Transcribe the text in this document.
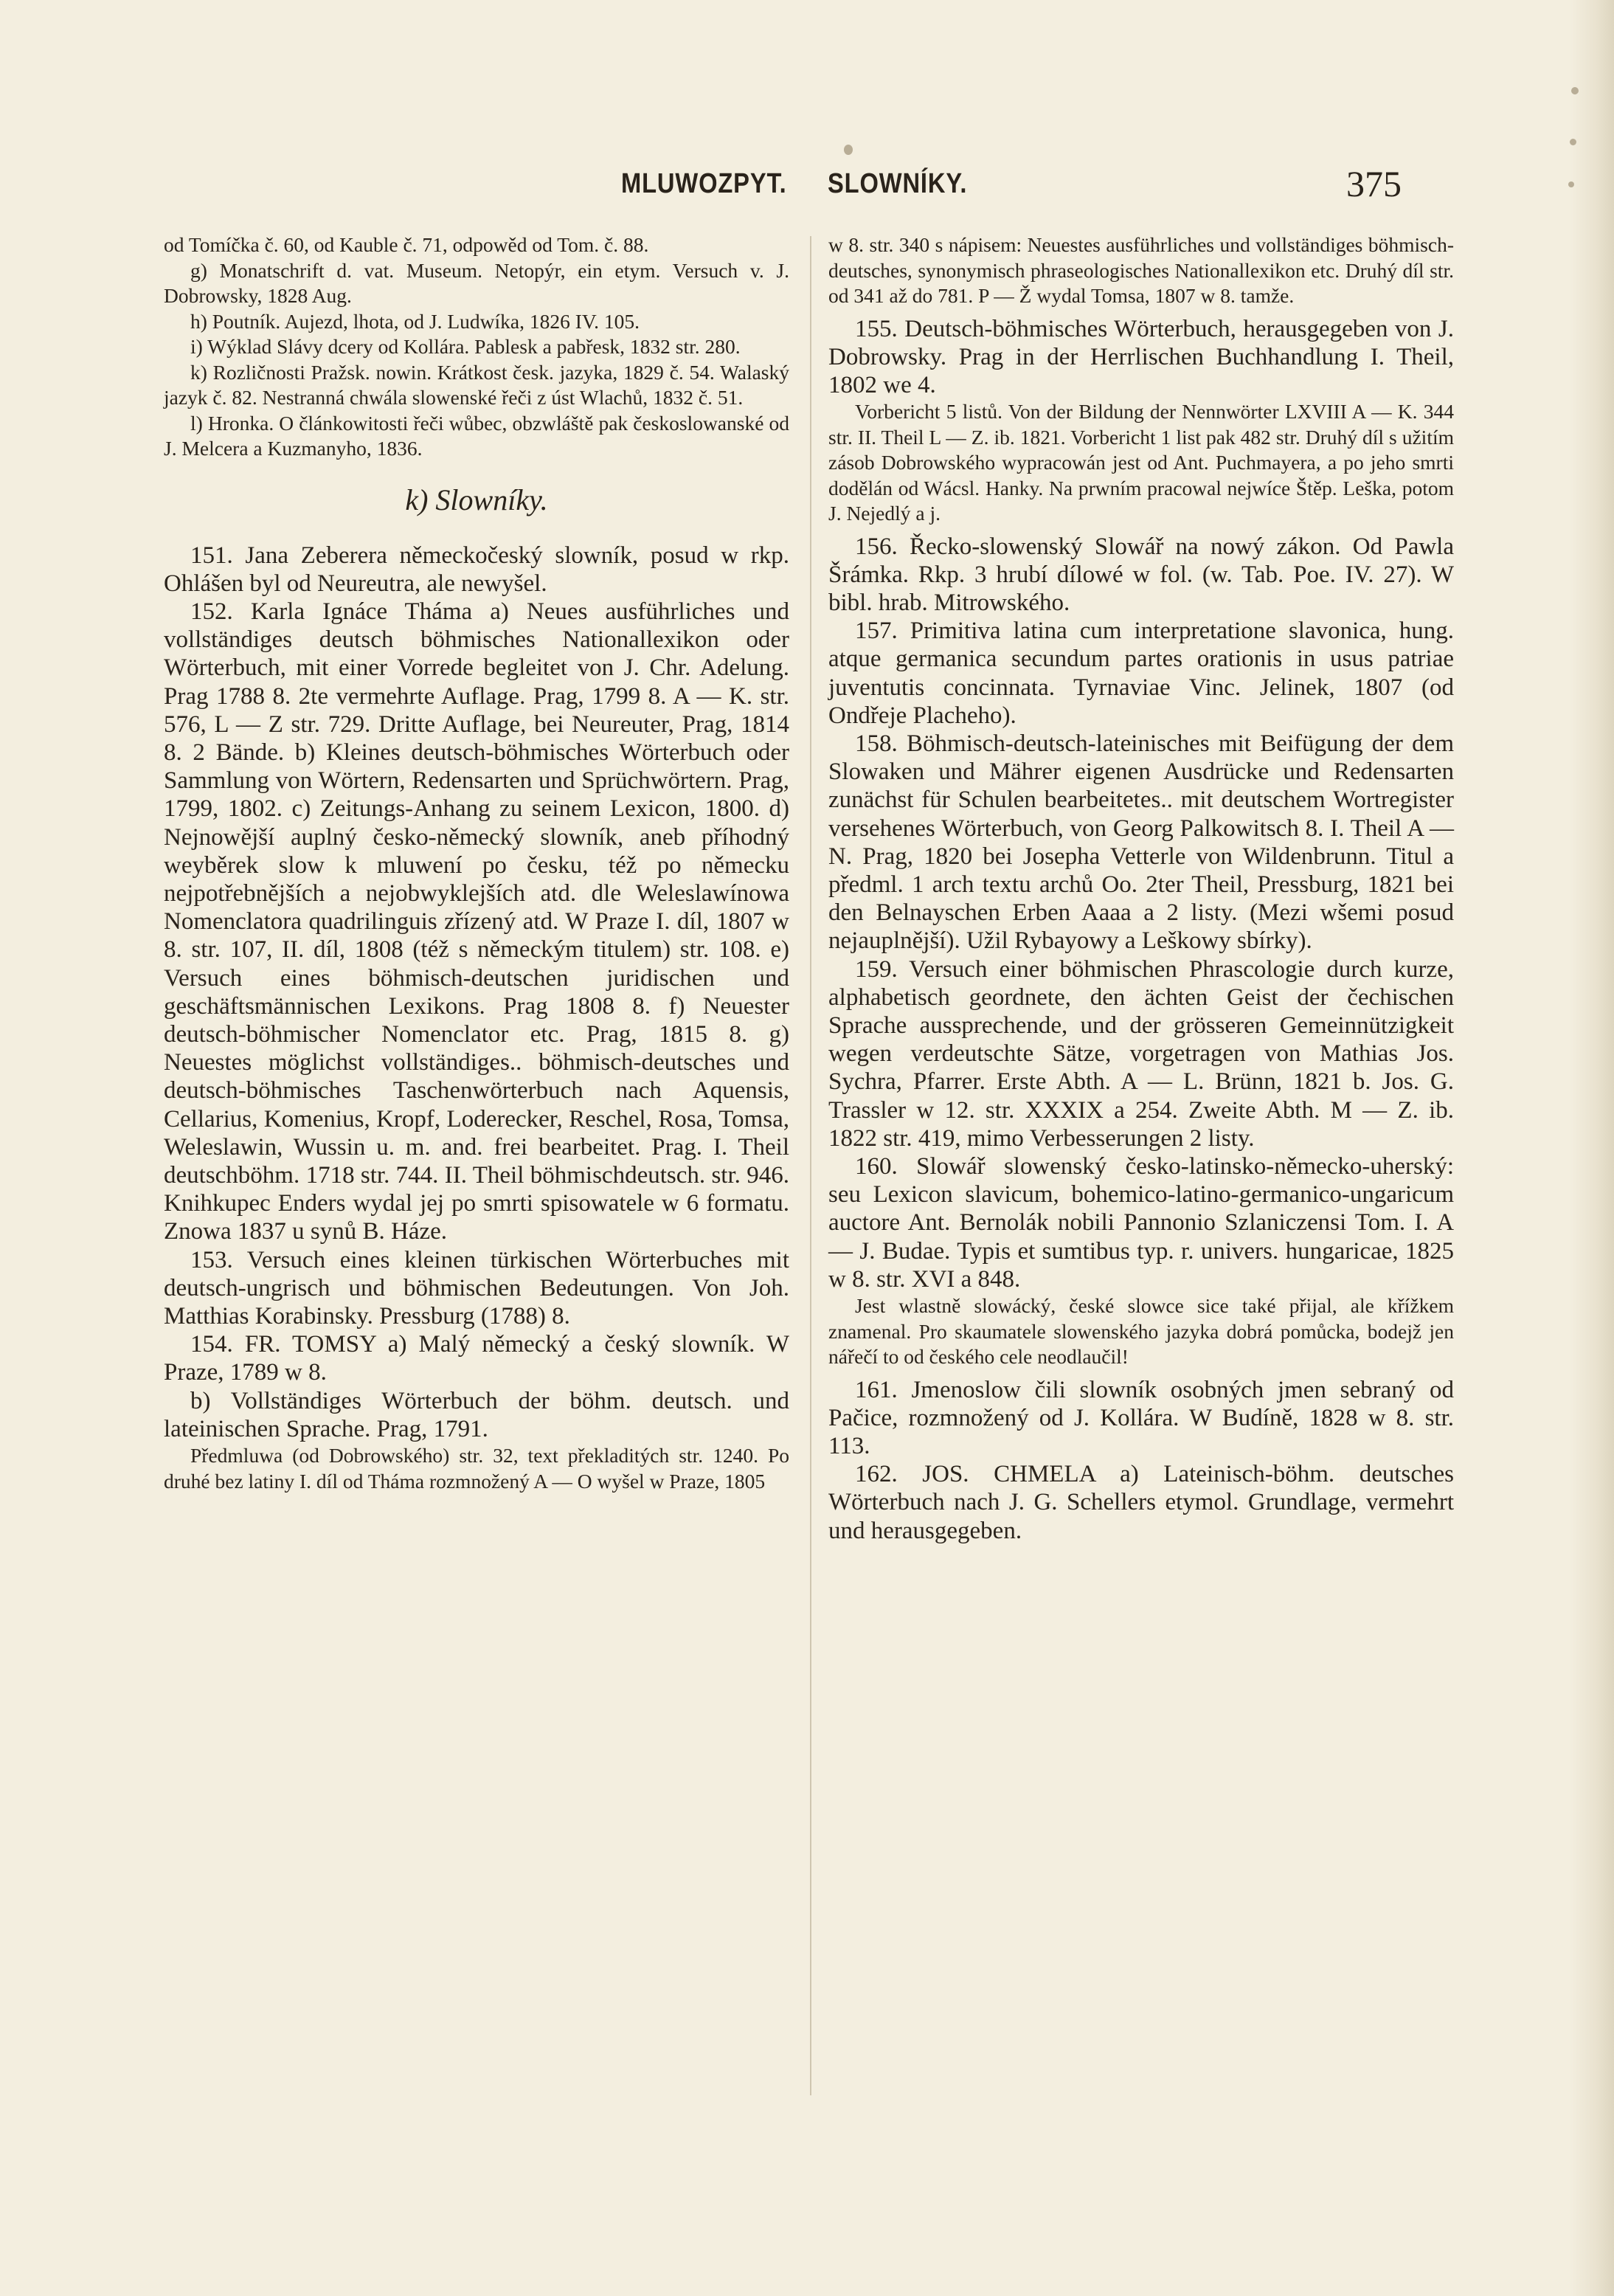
MLUWOZPYT. SLOWNÍKY.	375

od Tomíčka č. 60, od Kauble č. 71, odpowěd od Tom. č. 88.

g) Monatschrift d. vat. Museum. Netopýr, ein etym. Versuch v. J. Dobrowsky, 1828 Aug.

h) Poutník. Aujezd, lhota, od J. Ludwíka, 1826 IV. 105.

i) Wýklad Slávy dcery od Kollára. Pablesk a pabřesk, 1832 str. 280.

k) Rozličnosti Pražsk. nowin. Krátkost česk. jazyka, 1829 č. 54. Walaský jazyk č. 82. Nestranná chwála slowenské řeči z úst Wlachů, 1832 č. 51.

l) Hronka. O článkowitosti řeči wůbec, obzwláště pak českoslowanské od J. Melcera a Kuzmanyho, 1836.

k) Slowníky.

151. Jana Zeberera německočeský slowník, posud w rkp. Ohlášen byl od Neureutra, ale newyšel.

152. Karla Ignáce Tháma a) Neues ausführliches und vollständiges deutsch böhmisches Nationallexikon oder Wörterbuch, mit einer Vorrede begleitet von J. Chr. Adelung. Prag 1788 8. 2te vermehrte Auflage. Prag, 1799 8. A — K. str. 576, L — Z str. 729. Dritte Auflage, bei Neureuter, Prag, 1814 8. 2 Bände. b) Kleines deutsch-böhmisches Wörterbuch oder Sammlung von Wörtern, Redensarten und Sprüchwörtern. Prag, 1799, 1802. c) Zeitungs-Anhang zu seinem Lexicon, 1800. d) Nejnowější auplný česko-německý slowník, aneb příhodný weyběrek slow k mluwení po česku, též po německu nejpotřebnějších a nejobwyklejších atd. dle Weleslawínowa Nomenclatora quadrilinguis zřízený atd. W Praze I. díl, 1807 w 8. str. 107, II. díl, 1808 (též s německým titulem) str. 108. e) Versuch eines böhmisch-deutschen juridischen und geschäftsmännischen Lexikons. Prag 1808 8. f) Neuester deutsch-böhmischer Nomenclator etc. Prag, 1815 8. g) Neuestes möglichst vollständiges.. böhmisch-deutsches und deutsch-böhmisches Taschenwörterbuch nach Aquensis, Cellarius, Komenius, Kropf, Loderecker, Reschel, Rosa, Tomsa, Weleslawin, Wussin u. m. and. frei bearbeitet. Prag. I. Theil deutschböhm. 1718 str. 744. II. Theil böhmischdeutsch. str. 946. Knihkupec Enders wydal jej po smrti spisowatele w 6 formatu. Znowa 1837 u synů B. Háze.

153. Versuch eines kleinen türkischen Wörterbuches mit deutsch-ungrisch und böhmischen Bedeutungen. Von Joh. Matthias Korabinsky. Pressburg (1788) 8.

154. FR. TOMSY a) Malý německý a český slowník. W Praze, 1789 w 8.

b) Vollständiges Wörterbuch der böhm. deutsch. und lateinischen Sprache. Prag, 1791.

Předmluwa (od Dobrowského) str. 32, text překladitých str. 1240. Po druhé bez latiny I. díl od Tháma rozmnožený A — O wyšel w Praze, 1805

w 8. str. 340 s nápisem: Neuestes ausführliches und vollständiges böhmisch-deutsches, synonymisch phraseologisches Nationallexikon etc. Druhý díl str. od 341 až do 781. P — Ž wydal Tomsa, 1807 w 8. tamže.

155. Deutsch-böhmisches Wörterbuch, herausgegeben von J. Dobrowsky. Prag in der Herrlischen Buchhandlung I. Theil, 1802 we 4.

Vorbericht 5 listů. Von der Bildung der Nennwörter LXVIII A — K. 344 str. II. Theil L — Z. ib. 1821. Vorbericht 1 list pak 482 str. Druhý díl s užitím zásob Dobrowského wypracowán jest od Ant. Puchmayera, a po jeho smrti dodělán od Wácsl. Hanky. Na prwním pracowal nejwíce Štěp. Leška, potom J. Nejedlý a j.

156. Řecko-slowenský Slowář na nowý zákon. Od Pawla Šrámka. Rkp. 3 hrubí dílowé w fol. (w. Tab. Poe. IV. 27). W bibl. hrab. Mitrowského.

157. Primitiva latina cum interpretatione slavonica, hung. atque germanica secundum partes orationis in usus patriae juventutis concinnata. Tyrnaviae Vinc. Jelinek, 1807 (od Ondřeje Placheho).

158. Böhmisch-deutsch-lateinisches mit Beifügung der dem Slowaken und Mährer eigenen Ausdrücke und Redensarten zunächst für Schulen bearbeitetes.. mit deutschem Wortregister versehenes Wörterbuch, von Georg Palkowitsch 8. I. Theil A — N. Prag, 1820 bei Josepha Vetterle von Wildenbrunn. Titul a předml. 1 arch textu archů Oo. 2ter Theil, Pressburg, 1821 bei den Belnayschen Erben Aaaa a 2 listy. (Mezi wšemi posud nejauplnější). Užil Rybayowy a Leškowy sbírky).

159. Versuch einer böhmischen Phrascologie durch kurze, alphabetisch geordnete, den ächten Geist der čechischen Sprache aussprechende, und der grösseren Gemeinnützigkeit wegen verdeutschte Sätze, vorgetragen von Mathias Jos. Sychra, Pfarrer. Erste Abth. A — L. Brünn, 1821 b. Jos. G. Trassler w 12. str. XXXIX a 254. Zweite Abth. M — Z. ib. 1822 str. 419, mimo Verbesserungen 2 listy.

160. Slowář slowenský česko-latinsko-německo-uherský: seu Lexicon slavicum, bohemico-latino-germanico-ungaricum auctore Ant. Bernolák nobili Pannonio Szlaniczensi Tom. I. A — J. Budae. Typis et sumtibus typ. r. univers. hungaricae, 1825 w 8. str. XVI a 848.

Jest wlastně slowácký, české slowce sice také přijal, ale křížkem znamenal. Pro skaumatele slowenského jazyka dobrá pomůcka, bodejž jen nářečí to od českého cele neodlaučil!

161. Jmenoslow čili slowník osobných jmen sebraný od Pačice, rozmnožený od J. Kollára. W Budíně, 1828 w 8. str. 113.

162. JOS. CHMELA a) Lateinisch-böhm. deutsches Wörterbuch nach J. G. Schellers etymol. Grundlage, vermehrt und herausgegeben.
